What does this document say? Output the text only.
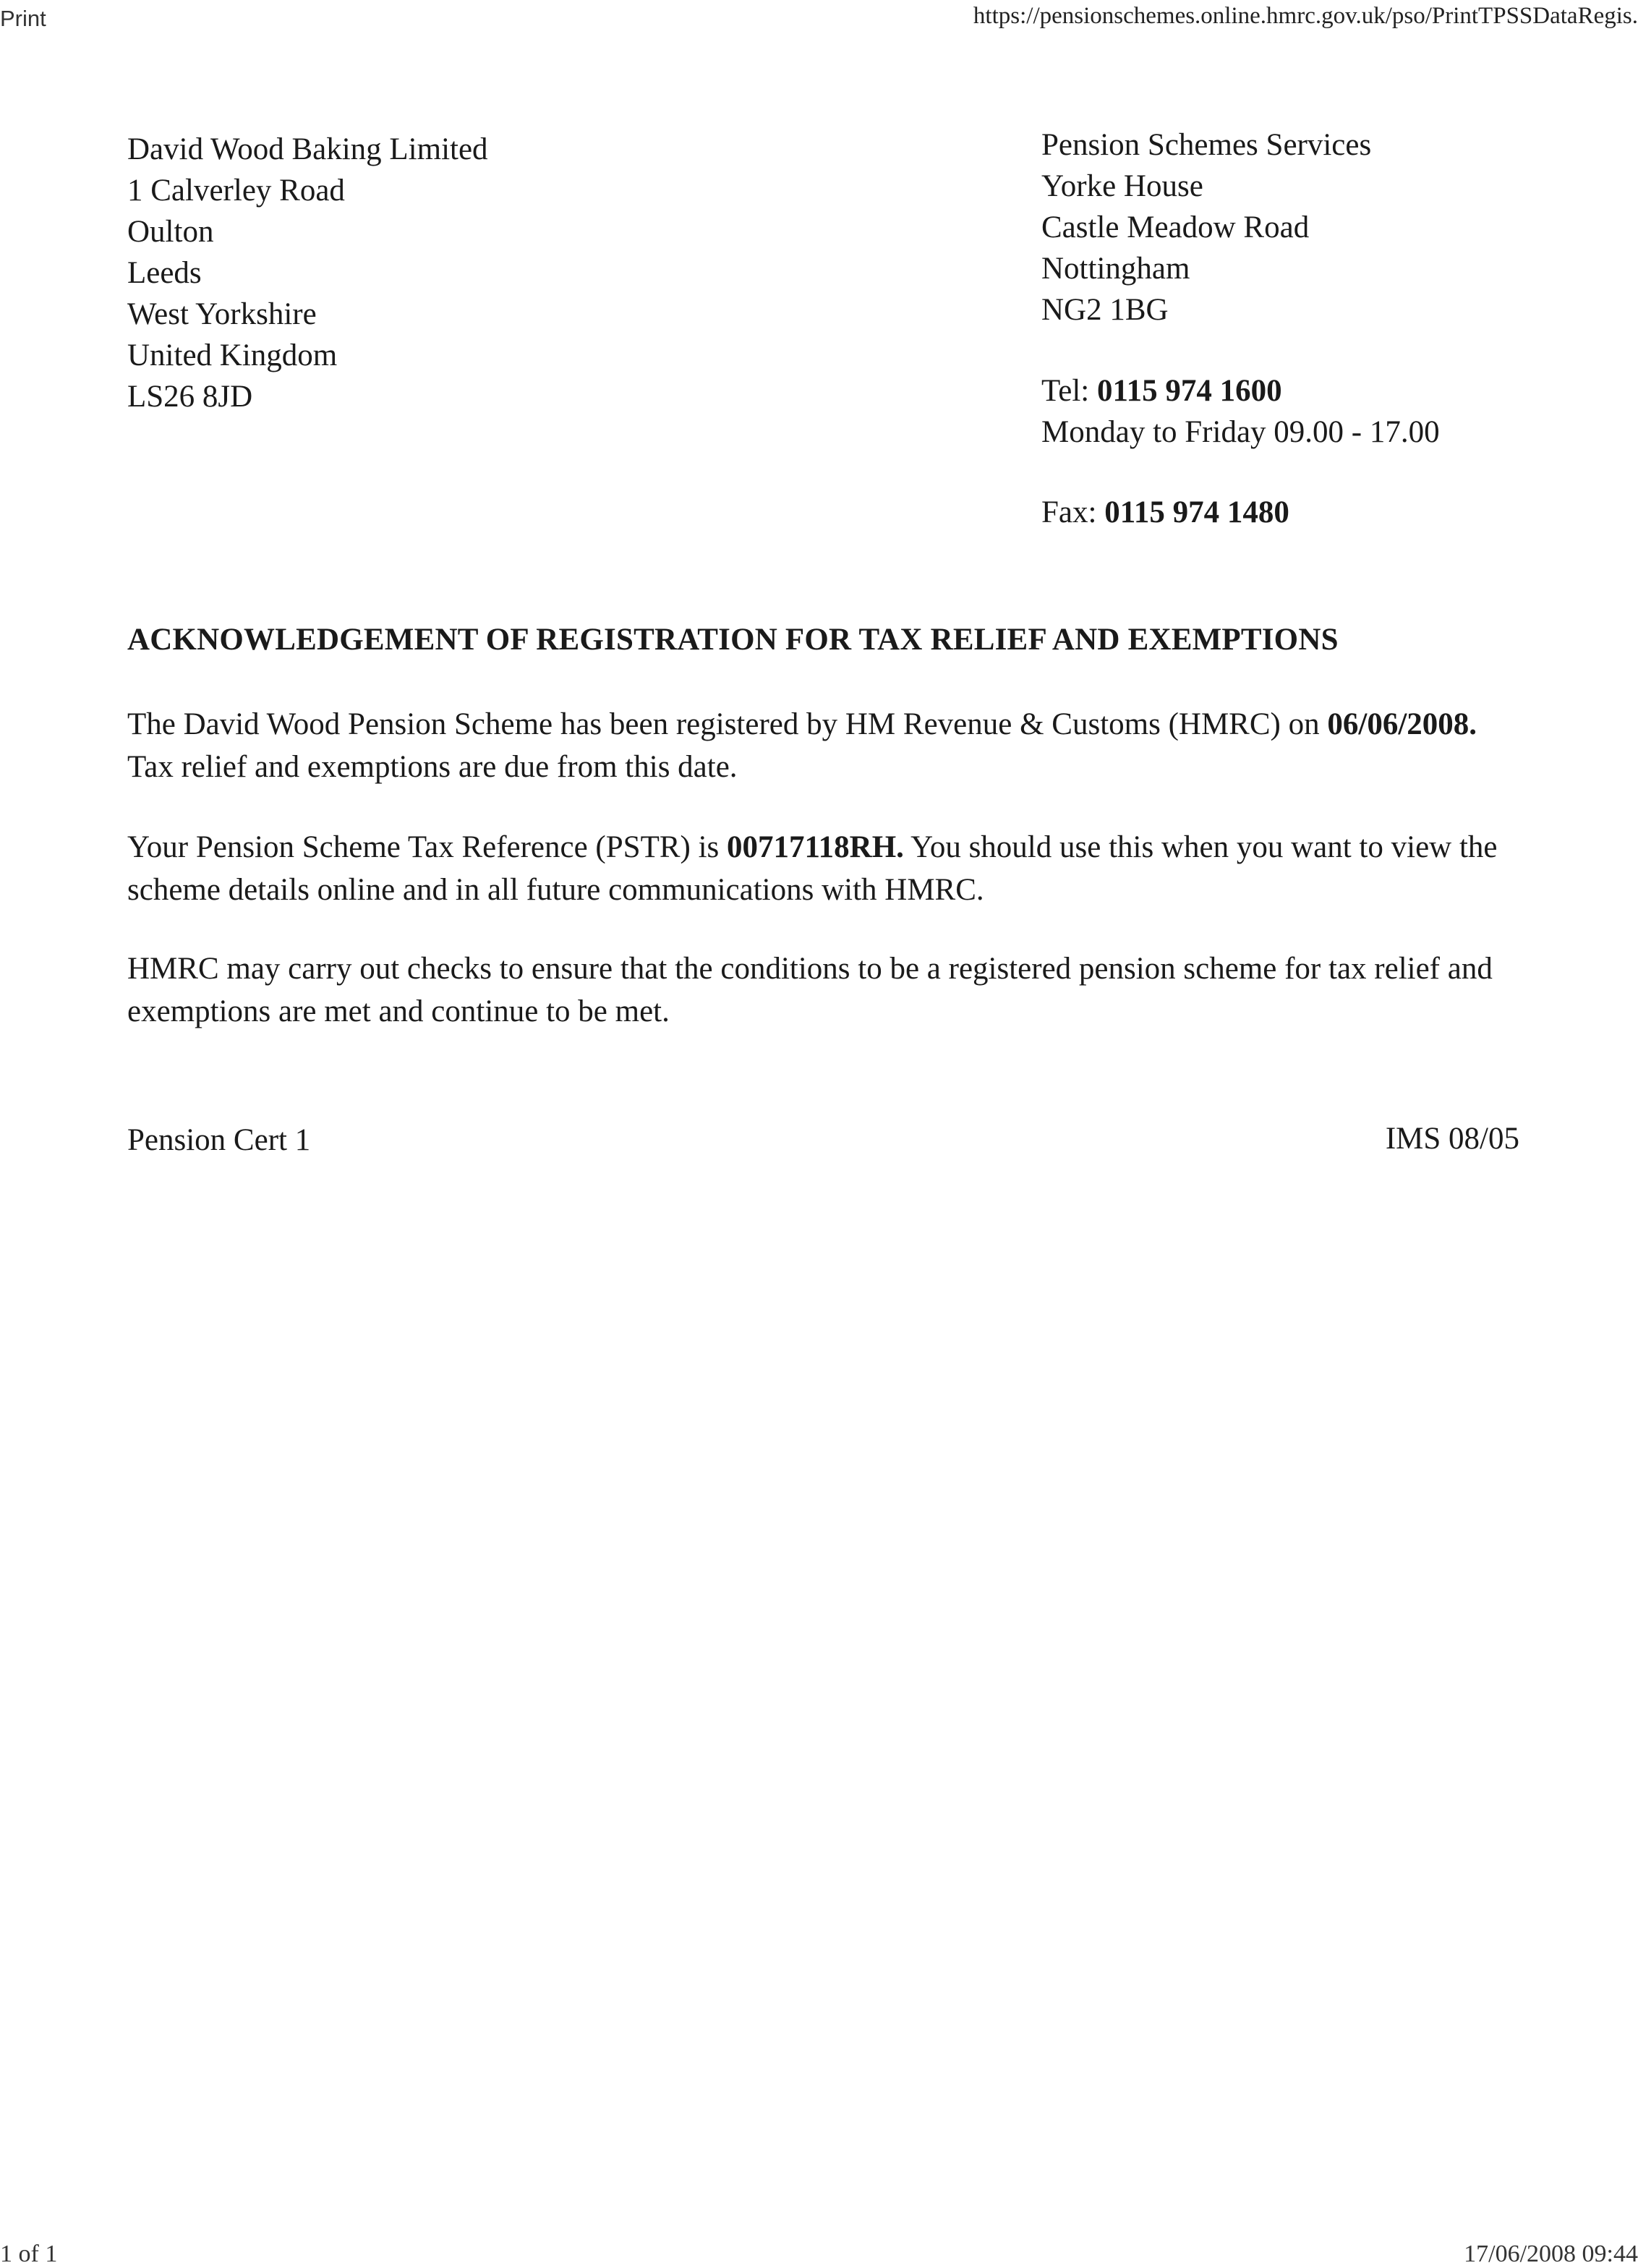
Print	https://pensionschemes.online.hmrc.gov.uk/pso/PrintTPSSDataRegis.
David Wood Baking Limited
1 Calverley Road
Oulton
Leeds
West Yorkshire
United Kingdom
LS26 8JD
Pension Schemes Services
Yorke House
Castle Meadow Road
Nottingham
NG2 1BG
Tel: 0115 974 1600
Monday to Friday 09.00 - 17.00
Fax: 0115 974 1480
ACKNOWLEDGEMENT OF REGISTRATION FOR TAX RELIEF AND EXEMPTIONS
The David Wood Pension Scheme has been registered by HM Revenue & Customs (HMRC) on 06/06/2008. Tax relief and exemptions are due from this date.
Your Pension Scheme Tax Reference (PSTR) is 00717118RH. You should use this when you want to view the scheme details online and in all future communications with HMRC.
HMRC may carry out checks to ensure that the conditions to be a registered pension scheme for tax relief and exemptions are met and continue to be met.
Pension Cert 1	IMS 08/05
1 of 1	17/06/2008 09:44
